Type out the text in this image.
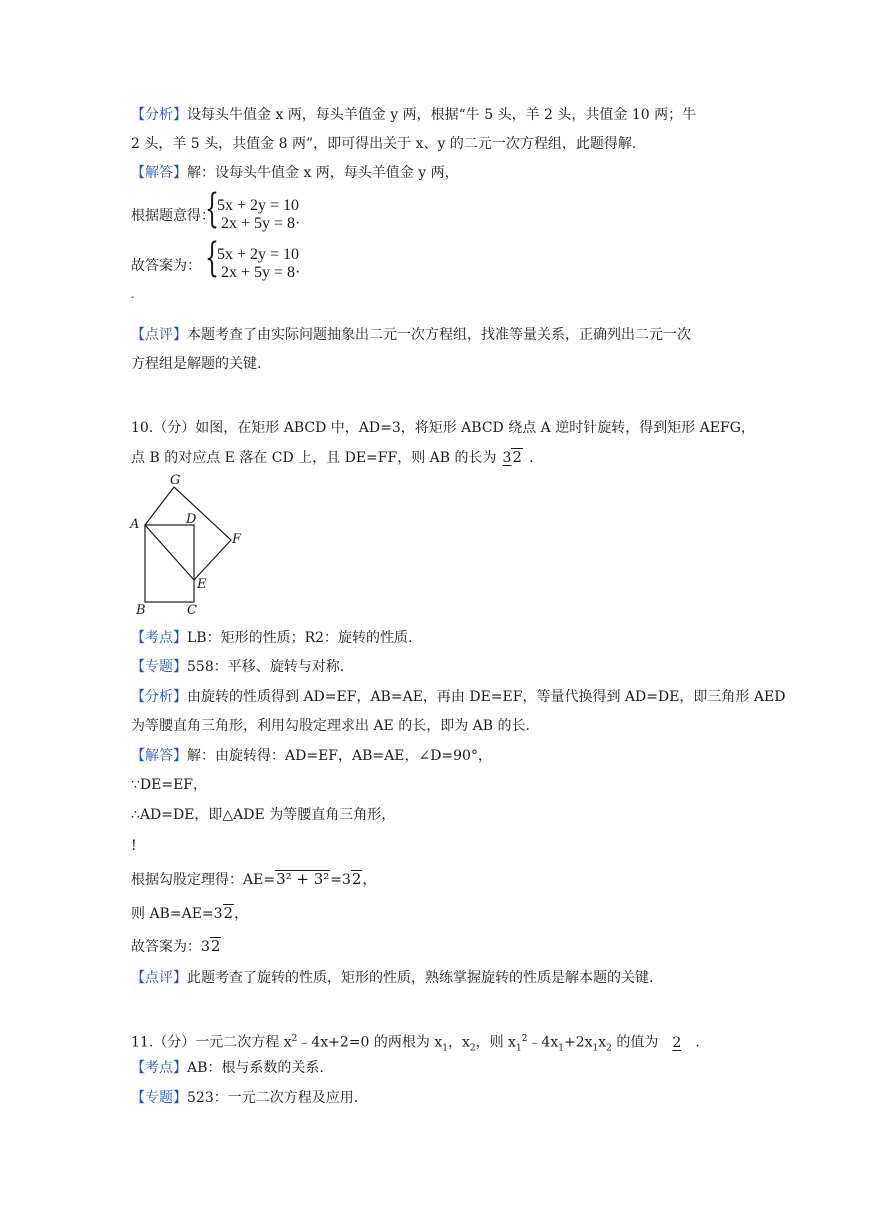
【分析】设每头牛值金 x 两，每头羊值金 y 两，根据“牛 5 头，羊 2 头，共值金 10 两；牛
2 头，羊 5 头，共值金 8 两”，即可得出关于 x、y 的二元一次方程组，此题得解.
【解答】解：设每头牛值金 x 两，每头羊值金 y 两，
根据题意得：
{
5x + 2y = 10
2x + 5y = 8·
故答案为： {
5x + 2y = 10
2x + 5y = 8·
-
【点评】本题考查了由实际问题抽象出二元一次方程组，找准等量关系，正确列出二元一次
方程组是解题的关键.
10.（分）如图，在矩形 ABCD 中，AD=3，将矩形 ABCD 绕点 A 逆时针旋转，得到矩形 AEFG，
点 B 的对应点 E 落在 CD 上，且 DE=FF，则 AB 的长为 32 .
G
A	D
F
E
B	C
【考点】LB：矩形的性质；R2：旋转的性质.
【专题】558：平移、旋转与对称.
【分析】由旋转的性质得到 AD=EF，AB=AE，再由 DE=EF，等量代换得到 AD=DE，即三角形 AED
为等腰直角三角形，利用勾股定理求出 AE 的长，即为 AB 的长.
【解答】解：由旋转得：AD=EF，AB=AE，∠D=90°，
∵DE=EF，
∴AD=DE，即△ADE 为等腰直角三角形，
!
根据勾股定理得：AE=3² + 3²=32，
则 AB=AE=32，
故答案为：32
【点评】此题考查了旋转的性质，矩形的性质，熟练掌握旋转的性质是解本题的关键.
11.（分）一元二次方程 $x^2﹣4x+2=0$ 的两根为 $x_1$，$x_2$，则 $x_1^2﹣4x_1+2x_1x_2$ 的值为 2 .
【考点】AB：根与系数的关系.
【专题】523：一元二次方程及应用.
